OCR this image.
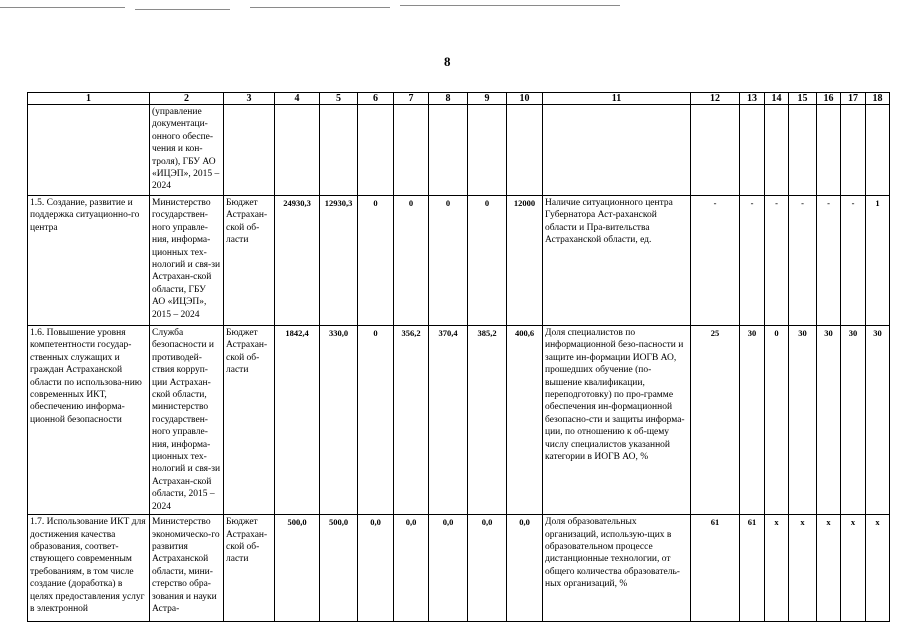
8
1	2	3	4	5	6	7	8	9	10	11	12	13	14	15	16	17	18
	(управление документаци-онного обеспе-чения и кон-троля), ГБУ АО «ИЦЭП», 2015 – 2024																
1.5. Создание, развитие и поддержка ситуационно-го центра	Министерство государствен-ного управле-ния, информа-ционных тех-нологий и свя-зи Астрахан-ской области, ГБУ АО «ИЦЭП», 2015 – 2024	Бюджет Астрахан-ской об-ласти	24930,3	12930,3	0	0	0	0	12000	Наличие ситуационного центра Губернатора Аст-раханской области и Пра-вительства Астраханской области, ед.	-	-	-	-	-	-	1
1.6. Повышение уровня компетентности государ-ственных служащих и граждан Астраханской области по использова-нию современных ИКТ, обеспечению информа-ционной безопасности	Служба безопасности и противодей-ствия корруп-ции Астрахан-ской области, министерство государствен-ного управле-ния, информа-ционных тех-нологий и свя-зи Астрахан-ской области, 2015 – 2024	Бюджет Астрахан-ской об-ласти	1842,4	330,0	0	356,2	370,4	385,2	400,6	Доля специалистов по информационной безо-пасности и защите ин-формации ИОГВ АО, прошедших обучение (по-вышение квалификации, переподготовку) по про-грамме обеспечения ин-формационной безопасно-сти и защиты информа-ции, по отношению к об-щему числу специалистов указанной категории в ИОГВ АО, %	25	30	0	30	30	30	30
1.7. Использование ИКТ для достижения качества образования, соответ-ствующего современным требованиям, в том числе создание (доработка) в целях предоставления услуг в электронной	Министерство экономическо-го развития Астраханской области, мини-стерство обра-зования и науки Астра-	Бюджет Астрахан-ской об-ласти	500,0	500,0	0,0	0,0	0,0	0,0	0,0	Доля образовательных организаций, использую-щих в образовательном процессе дистанционные технологии, от общего количества образователь-ных организаций, %	61	61	x	x	x	x	x
